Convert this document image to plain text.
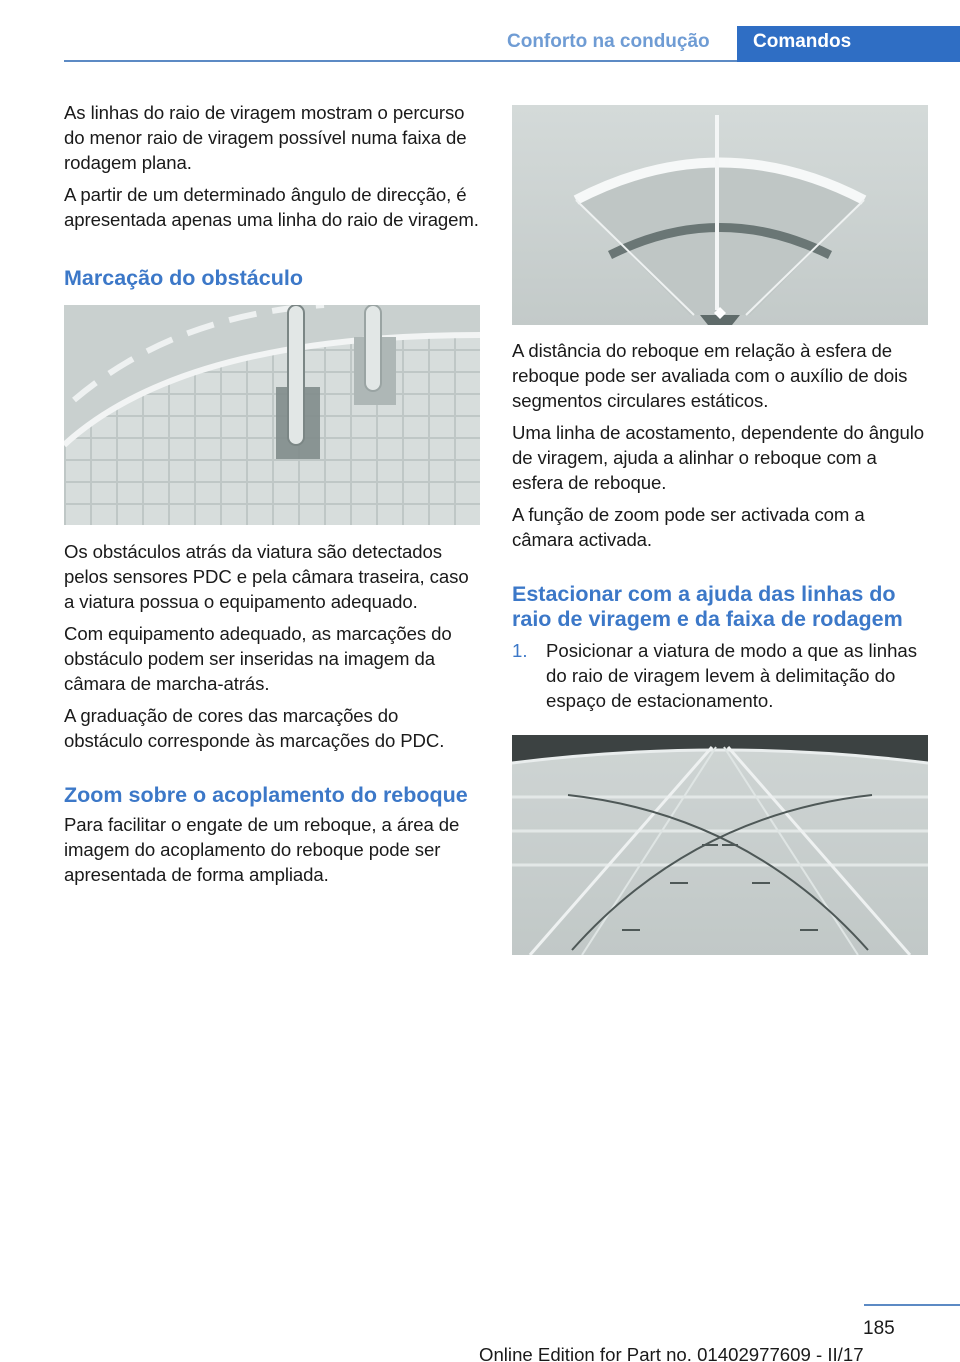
Conforto na condução Comandos

As linhas do raio de viragem mostram o percurso do menor raio de viragem possível numa faixa de rodagem plana.

A partir de um determinado ângulo de direcção, é apresentada apenas uma linha do raio de viragem.

Marcação do obstáculo

Os obstáculos atrás da viatura são detectados pelos sensores PDC e pela câmara traseira, caso a viatura possua o equipamento adequado.

Com equipamento adequado, as marcações do obstáculo podem ser inseridas na imagem da câmara de marcha-atrás.

A graduação de cores das marcações do obstáculo corresponde às marcações do PDC.

Zoom sobre o acoplamento do reboque

Para facilitar o engate de um reboque, a área de imagem do acoplamento do reboque pode ser apresentada de forma ampliada.

A distância do reboque em relação à esfera de reboque pode ser avaliada com o auxílio de dois segmentos circulares estáticos.

Uma linha de acostamento, dependente do ângulo de viragem, ajuda a alinhar o reboque com a esfera de reboque.

A função de zoom pode ser activada com a câmara activada.

Estacionar com a ajuda das linhas do raio de viragem e da faixa de rodagem
1. Posicionar a viatura de modo a que as linhas do raio de viragem levem à delimitação do espaço de estacionamento.
185
Online Edition for Part no. 01402977609 - II/17
